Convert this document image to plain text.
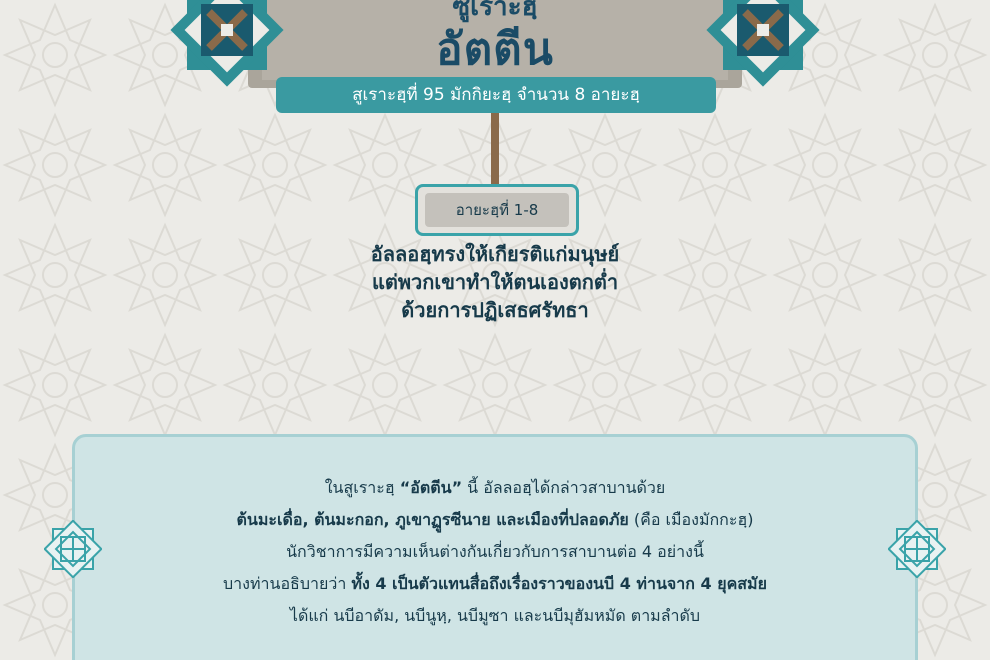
ซูเราะฮฺ
อัตตีน
สูเราะฮฺที่ 95 มักกิยะฮฺ จำนวน 8 อายะฮฺ
อายะฮฺที่ 1-8
อัลลอฮฺทรงให้เกียรติแก่มนุษย์
แต่พวกเขาทำให้ตนเองตกต่ำ
ด้วยการปฏิเสธศรัทธา
ในสูเราะฮฺ “อัตตีน” นี้ อัลลอฮฺได้กล่าวสาบานด้วย
ต้นมะเดื่อ, ต้นมะกอก, ภูเขาฏูรซีนาย และเมืองที่ปลอดภัย (คือ เมืองมักกะฮฺ)
นักวิชาการมีความเห็นต่างกันเกี่ยวกับการสาบานต่อ 4 อย่างนี้
บางท่านอธิบายว่า ทั้ง 4 เป็นตัวแทนสื่อถึงเรื่องราวของนบี 4 ท่านจาก 4 ยุคสมัย
ได้แก่ นบีอาดัม, นบีนูหฺ, นบีมูซา และนบีมุฮัมหมัด ตามลำดับ
